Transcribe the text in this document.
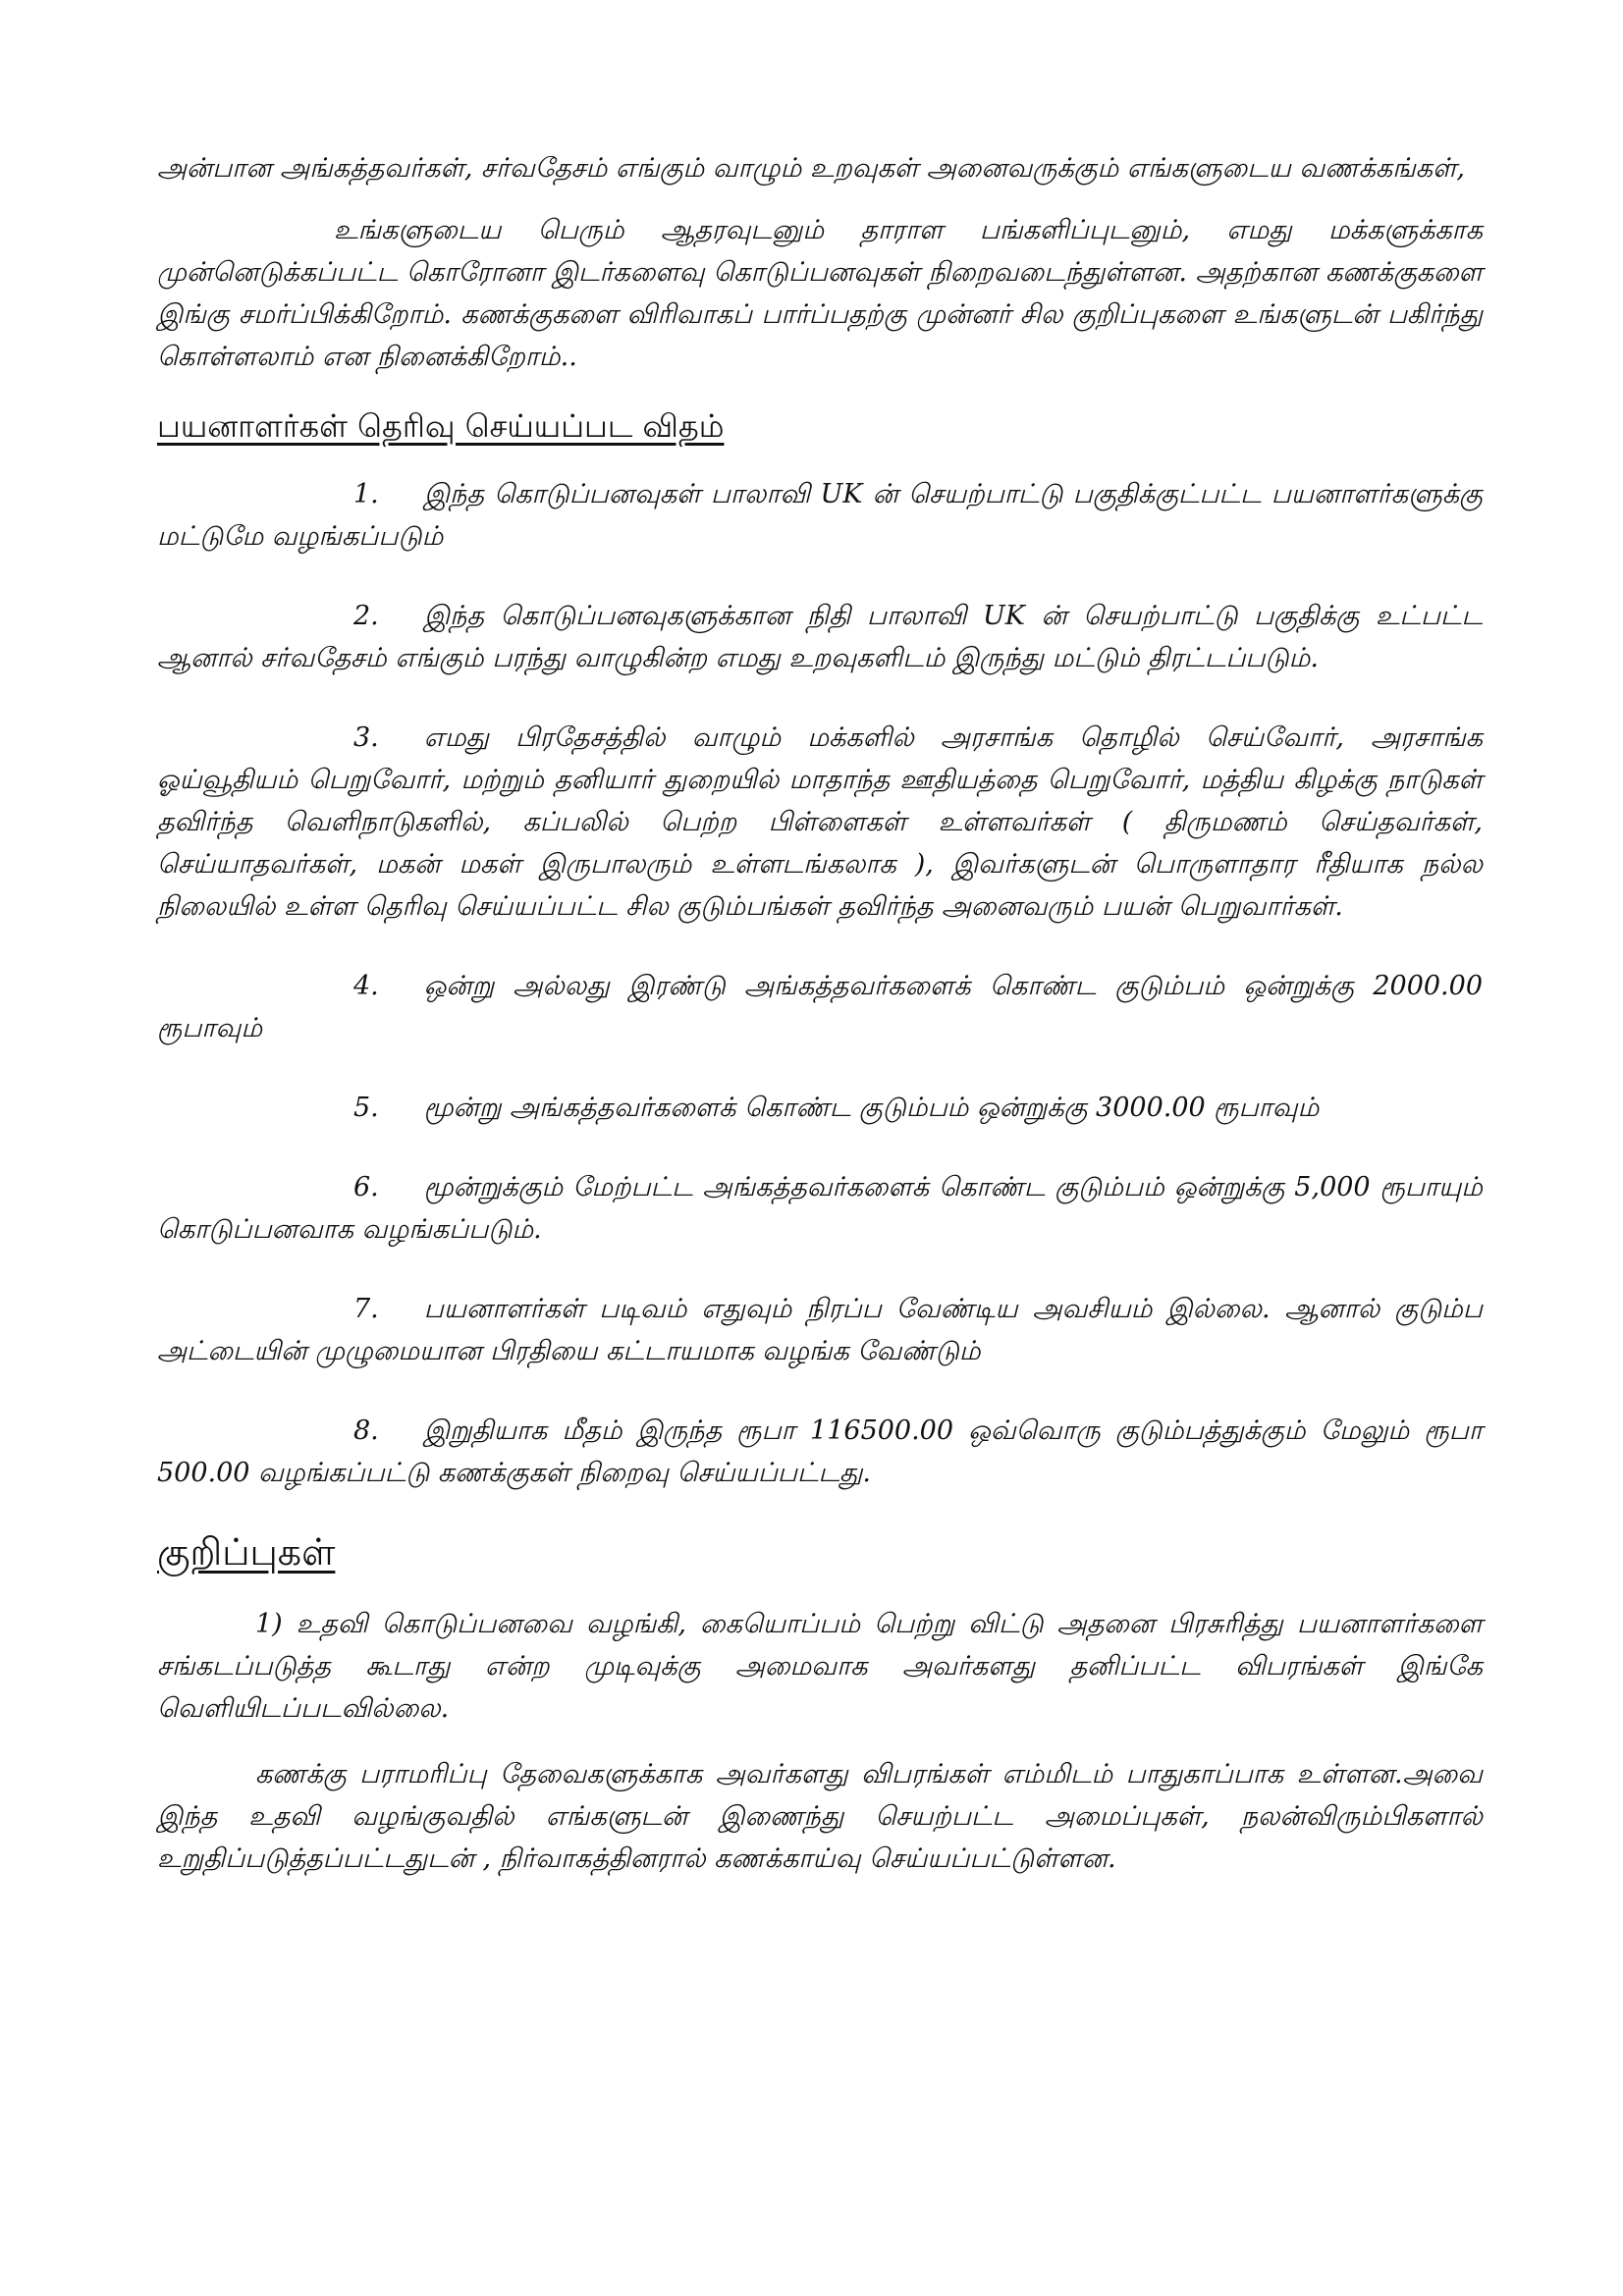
அன்பான அங்கத்தவர்கள், சர்வதேசம் எங்கும் வாழும் உறவுகள் அனைவருக்கும் எங்களுடைய வணக்கங்கள்,

உங்களுடைய பெரும் ஆதரவுடனும் தாராள பங்களிப்புடனும், எமது மக்களுக்காக முன்னெடுக்கப்பட்ட கொரோனா இடர்களைவு கொடுப்பனவுகள் நிறைவடைந்துள்ளன. அதற்கான கணக்குகளை இங்கு சமர்ப்பிக்கிறோம். கணக்குகளை விரிவாகப் பார்ப்பதற்கு முன்னர் சில குறிப்புகளை உங்களுடன் பகிர்ந்து கொள்ளலாம் என நினைக்கிறோம்..

பயனாளர்கள் தெரிவு செய்யப்பட விதம்

1. இந்த கொடுப்பனவுகள் பாலாவி UK ன் செயற்பாட்டு பகுதிக்குட்பட்ட பயனாளர்களுக்கு மட்டுமே வழங்கப்படும்

2. இந்த கொடுப்பனவுகளுக்கான நிதி பாலாவி UK ன் செயற்பாட்டு பகுதிக்கு உட்பட்ட ஆனால் சர்வதேசம் எங்கும் பரந்து வாழுகின்ற எமது உறவுகளிடம் இருந்து மட்டும் திரட்டப்படும்.

3. எமது பிரதேசத்தில் வாழும் மக்களில் அரசாங்க தொழில் செய்வோர், அரசாங்க ஓய்வூதியம் பெறுவோர், மற்றும் தனியார் துறையில் மாதாந்த ஊதியத்தை பெறுவோர், மத்திய கிழக்கு நாடுகள் தவிர்ந்த வெளிநாடுகளில், கப்பலில் பெற்ற பிள்ளைகள் உள்ளவர்கள் ( திருமணம் செய்தவர்கள், செய்யாதவர்கள், மகன் மகள் இருபாலரும் உள்ளடங்கலாக ), இவர்களுடன் பொருளாதார ரீதியாக நல்ல நிலையில் உள்ள தெரிவு செய்யப்பட்ட சில குடும்பங்கள் தவிர்ந்த அனைவரும் பயன் பெறுவார்கள்.

4. ஒன்று அல்லது இரண்டு அங்கத்தவர்களைக் கொண்ட குடும்பம் ஒன்றுக்கு 2000.00 ரூபாவும்

5. மூன்று அங்கத்தவர்களைக் கொண்ட குடும்பம் ஒன்றுக்கு 3000.00 ரூபாவும்

6. மூன்றுக்கும் மேற்பட்ட அங்கத்தவர்களைக் கொண்ட குடும்பம் ஒன்றுக்கு 5,000 ரூபாயும் கொடுப்பனவாக வழங்கப்படும்.

7. பயனாளர்கள் படிவம் எதுவும் நிரப்ப வேண்டிய அவசியம் இல்லை. ஆனால் குடும்ப அட்டையின் முழுமையான பிரதியை கட்டாயமாக வழங்க வேண்டும்

8. இறுதியாக மீதம் இருந்த ரூபா 116500.00 ஒவ்வொரு குடும்பத்துக்கும் மேலும் ரூபா 500.00 வழங்கப்பட்டு கணக்குகள் நிறைவு செய்யப்பட்டது.

குறிப்புகள்

1) உதவி கொடுப்பனவை வழங்கி, கையொப்பம் பெற்று விட்டு அதனை பிரசுரித்து பயனாளர்களை சங்கடப்படுத்த கூடாது என்ற முடிவுக்கு அமைவாக அவர்களது தனிப்பட்ட விபரங்கள் இங்கே வெளியிடப்படவில்லை.

கணக்கு பராமரிப்பு தேவைகளுக்காக அவர்களது விபரங்கள் எம்மிடம் பாதுகாப்பாக உள்ளன.அவை இந்த உதவி வழங்குவதில் எங்களுடன் இணைந்து செயற்பட்ட அமைப்புகள், நலன்விரும்பிகளால் உறுதிப்படுத்தப்பட்டதுடன் , நிர்வாகத்தினரால் கணக்காய்வு செய்யப்பட்டுள்ளன.
